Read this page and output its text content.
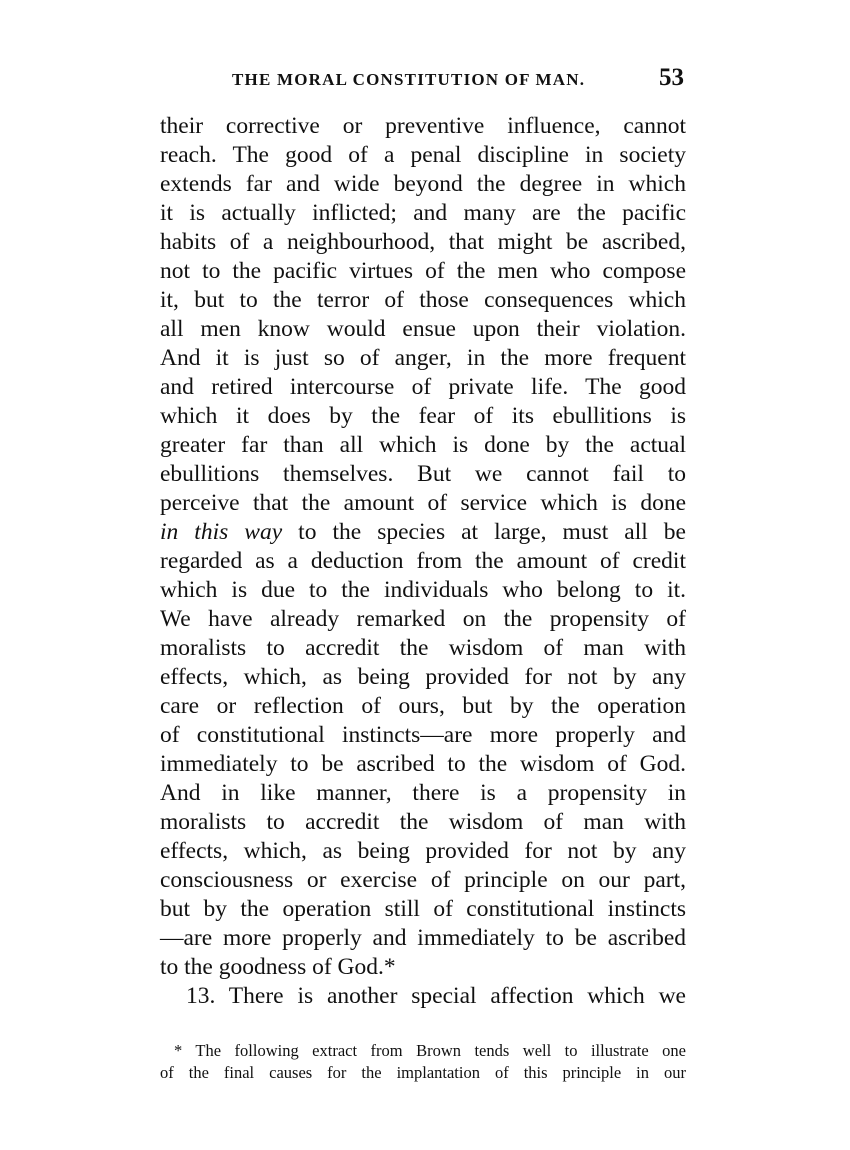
THE MORAL CONSTITUTION OF MAN.	53
their corrective or preventive influence, cannot
reach. The good of a penal discipline in society
extends far and wide beyond the degree in which
it is actually inflicted; and many are the pacific
habits of a neighbourhood, that might be ascribed,
not to the pacific virtues of the men who compose
it, but to the terror of those consequences which
all men know would ensue upon their violation.
And it is just so of anger, in the more frequent
and retired intercourse of private life. The good
which it does by the fear of its ebullitions is
greater far than all which is done by the actual
ebullitions themselves. But we cannot fail to
perceive that the amount of service which is done
in this way to the species at large, must all be
regarded as a deduction from the amount of credit
which is due to the individuals who belong to it.
We have already remarked on the propensity of
moralists to accredit the wisdom of man with
effects, which, as being provided for not by any
care or reflection of ours, but by the operation
of constitutional instincts—are more properly and
immediately to be ascribed to the wisdom of God.
And in like manner, there is a propensity in
moralists to accredit the wisdom of man with
effects, which, as being provided for not by any
consciousness or exercise of principle on our part,
but by the operation still of constitutional instincts
—are more properly and immediately to be ascribed
to the goodness of God.*
13. There is another special affection which we
* The following extract from Brown tends well to illustrate one
of the final causes for the implantation of this principle in our
